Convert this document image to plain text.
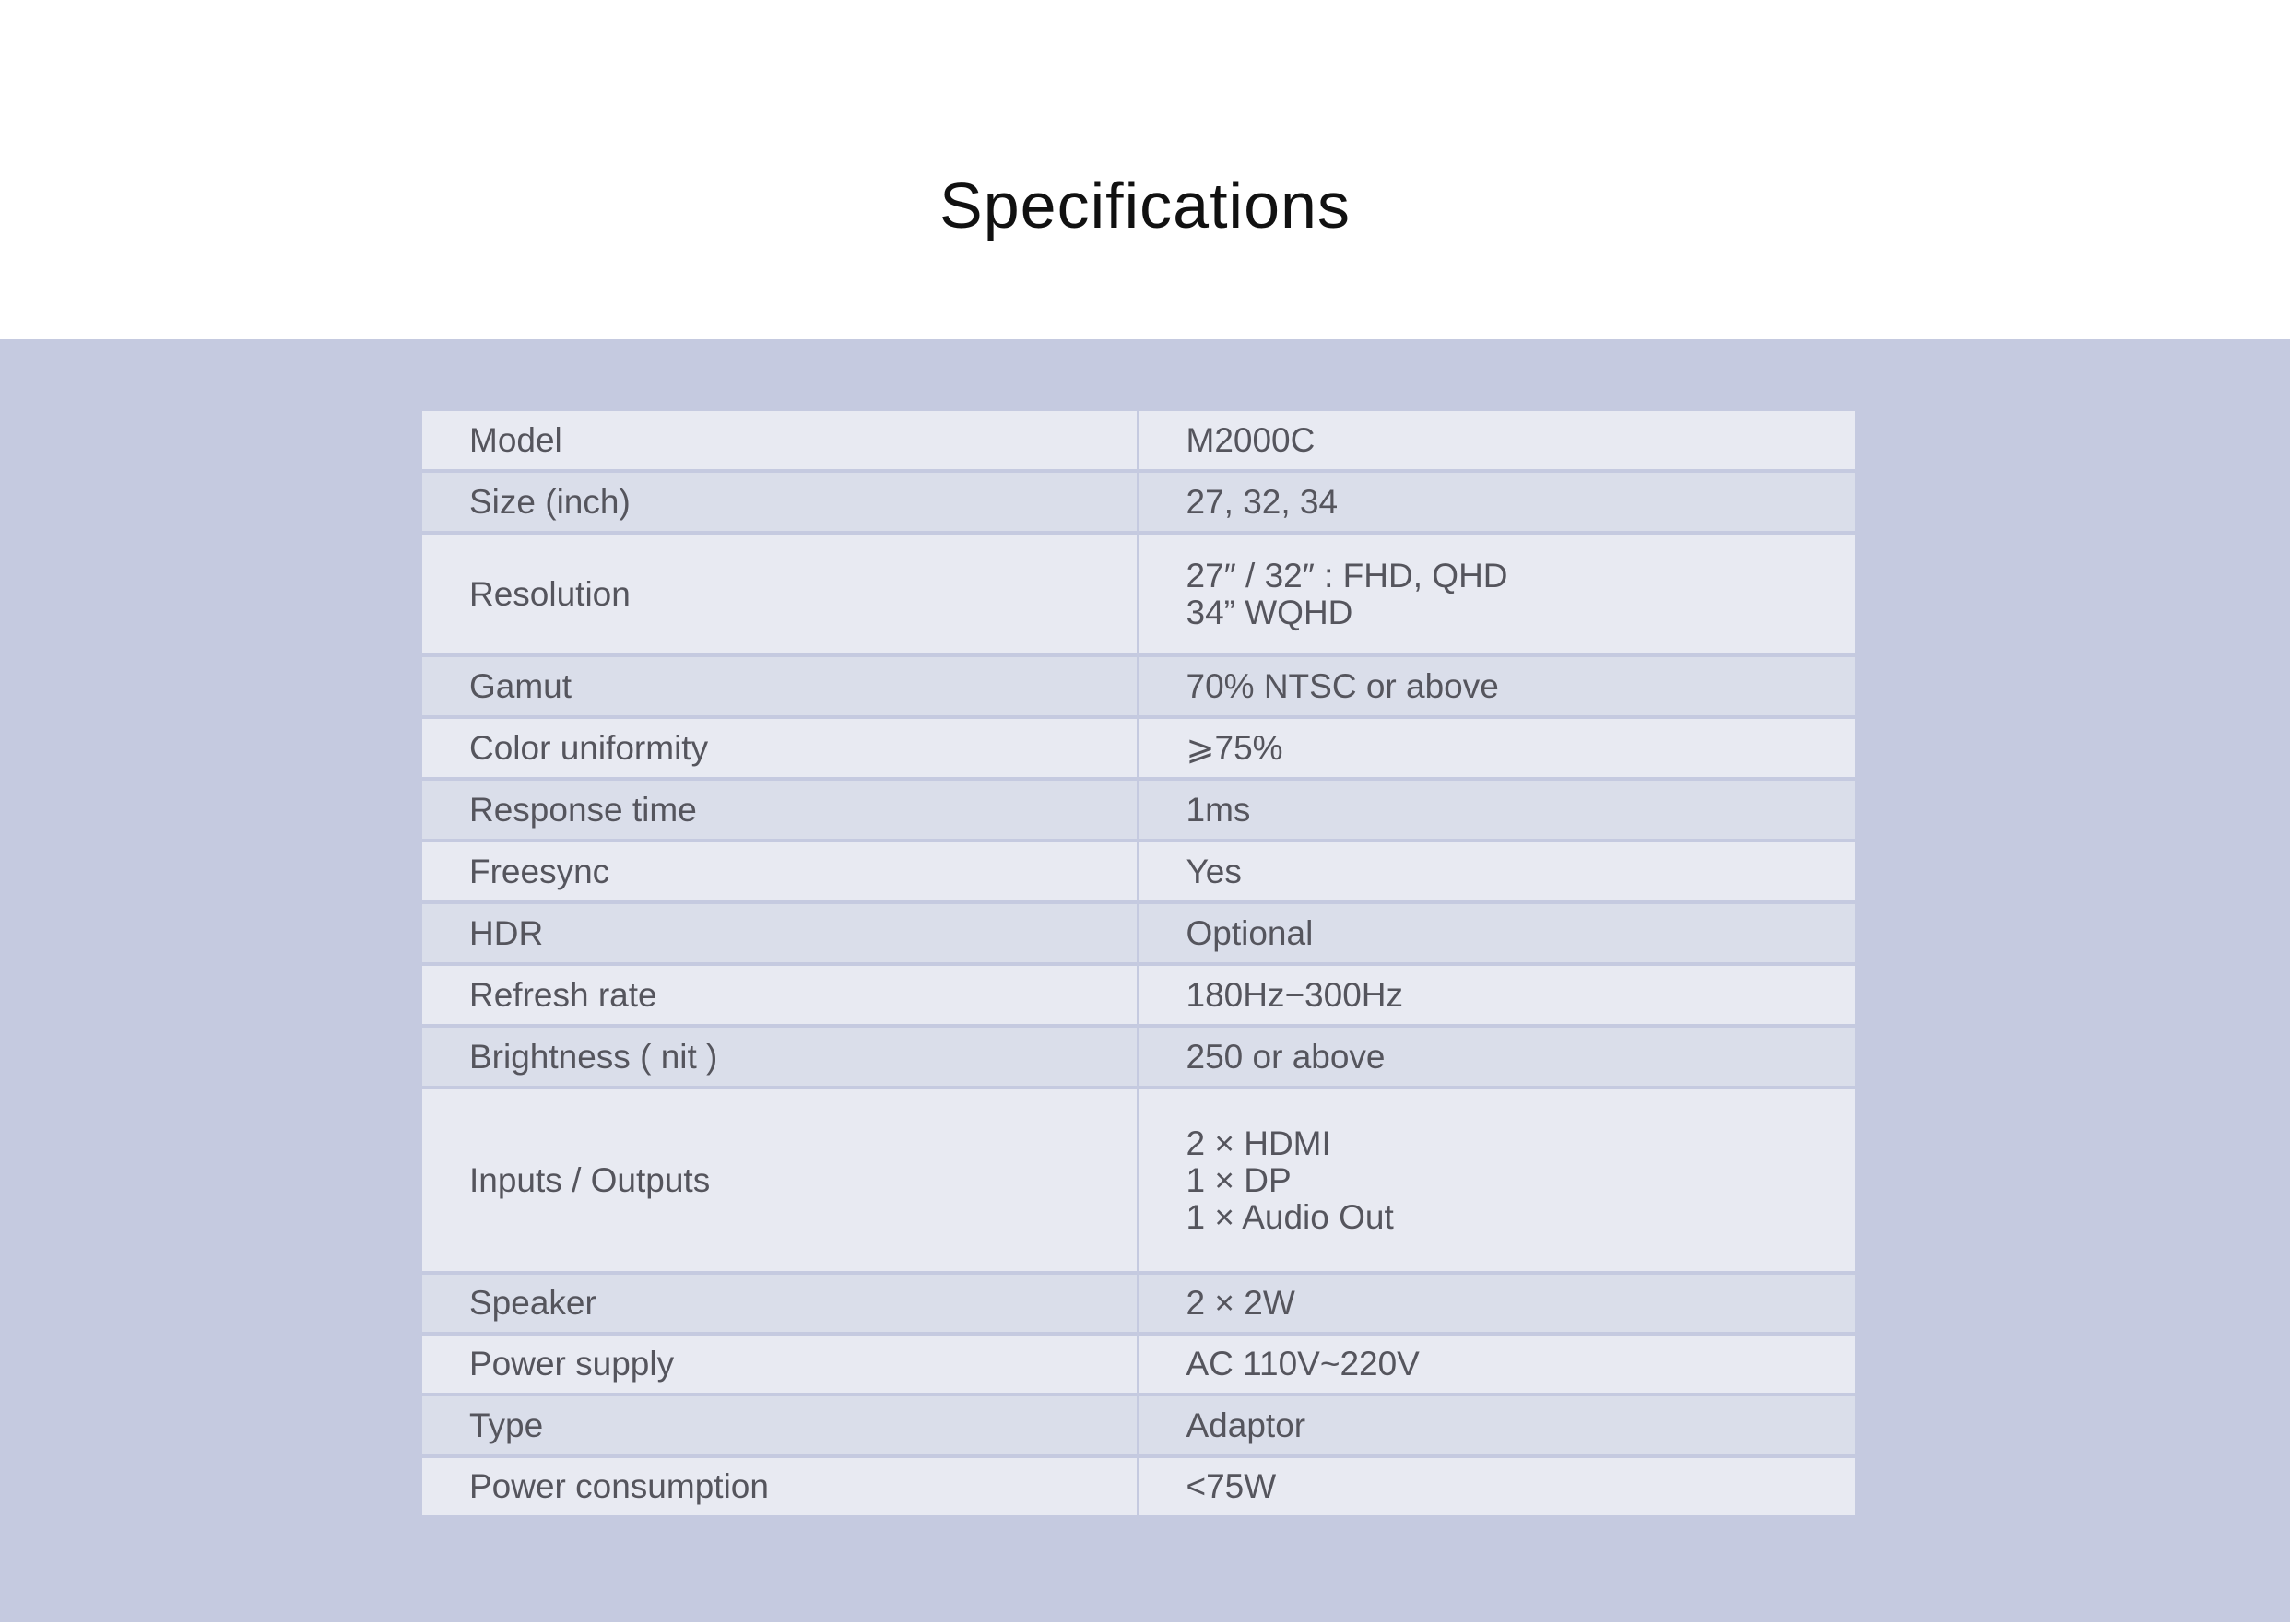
Specifications
Model	M2000C

Size (inch)	27, 32, 34

Resolution	27″ / 32″ : FHD, QHD
34” WQHD

Gamut	70% NTSC or above

Color uniformity	⩾75%

Response time	1ms

Freesync	Yes

HDR	Optional

Refresh rate	180Hz−300Hz

Brightness ( nit )	250 or above

Inputs / Outputs	2 × HDMI
1 × DP
1 × Audio Out

Speaker	2 × 2W

Power supply	AC 110V~220V

Type	Adaptor

Power consumption	<75W
